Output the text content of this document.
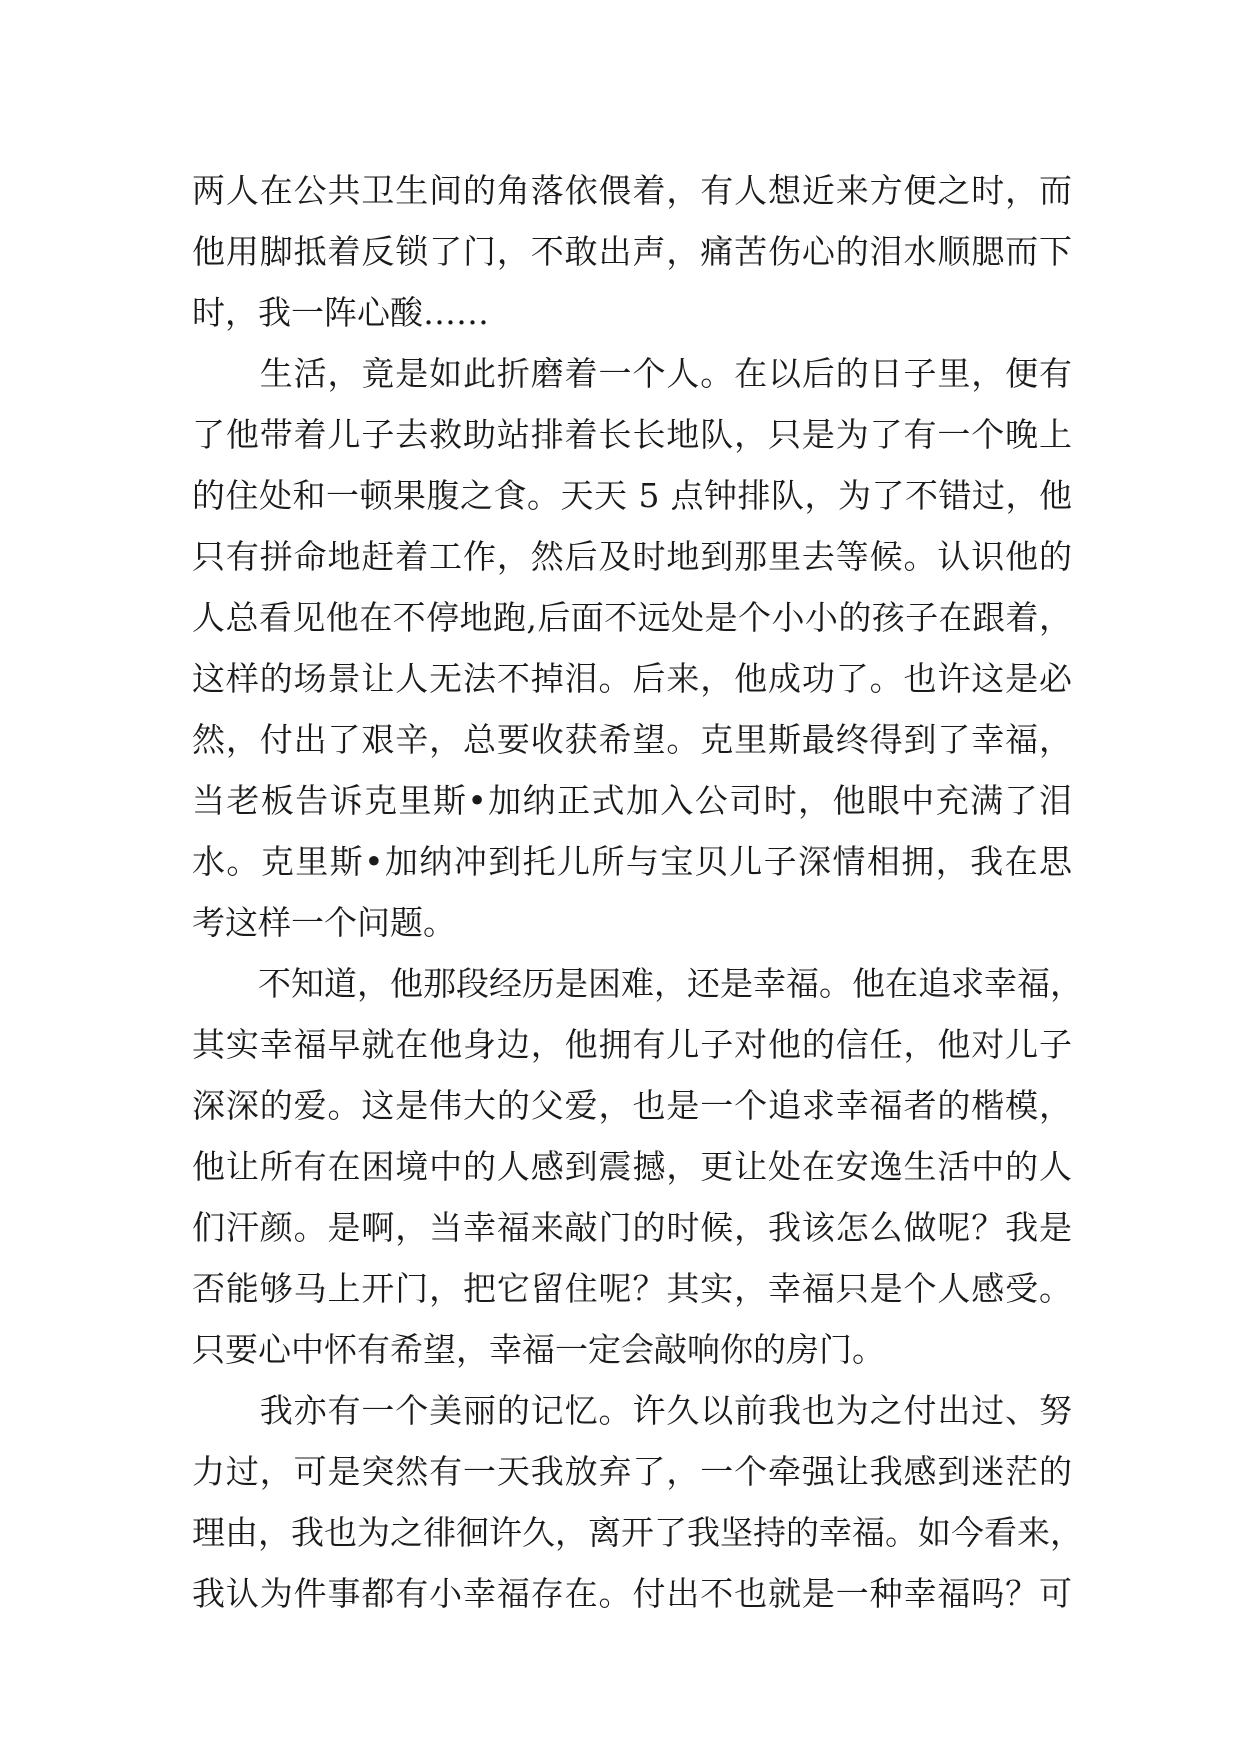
两人在公共卫生间的角落依偎着，有人想近来方便之时，而
他用脚抵着反锁了门，不敢出声，痛苦伤心的泪水顺腮而下
时，我一阵心酸……
　　生活，竟是如此折磨着一个人。在以后的日子里，便有
了他带着儿子去救助站排着长长地队，只是为了有一个晚上
的住处和一顿果腹之食。天天 5 点钟排队，为了不错过，他
只有拼命地赶着工作，然后及时地到那里去等候。认识他的
人总看见他在不停地跑,后面不远处是个小小的孩子在跟着，
这样的场景让人无法不掉泪。后来，他成功了。也许这是必
然，付出了艰辛，总要收获希望。克里斯最终得到了幸福，
当老板告诉克里斯•加纳正式加入公司时，他眼中充满了泪
水。克里斯•加纳冲到托儿所与宝贝儿子深情相拥，我在思
考这样一个问题。
　　不知道，他那段经历是困难，还是幸福。他在追求幸福，
其实幸福早就在他身边，他拥有儿子对他的信任，他对儿子
深深的爱。这是伟大的父爱，也是一个追求幸福者的楷模，
他让所有在困境中的人感到震撼，更让处在安逸生活中的人
们汗颜。是啊，当幸福来敲门的时候，我该怎么做呢？我是
否能够马上开门，把它留住呢？其实，幸福只是个人感受。
只要心中怀有希望，幸福一定会敲响你的房门。
　　我亦有一个美丽的记忆。许久以前我也为之付出过、努
力过，可是突然有一天我放弃了，一个牵强让我感到迷茫的
理由，我也为之徘徊许久，离开了我坚持的幸福。如今看来，
我认为件事都有小幸福存在。付出不也就是一种幸福吗？可
